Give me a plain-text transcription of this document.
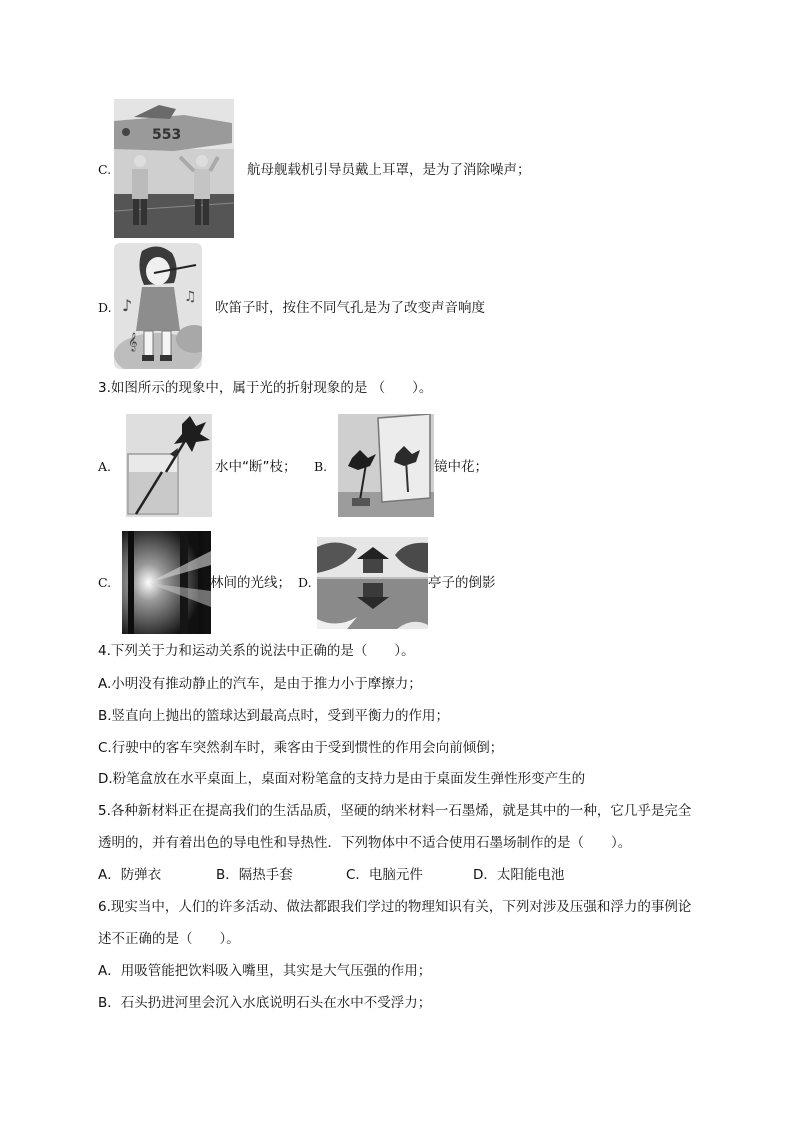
C.
553
航母舰载机引导员戴上耳罩，是为了消除噪声；
D. ♪
𝄞
♫
吹笛子时，按住不同气孔是为了改变声音响度
3.如图所示的现象中，属于光的折射现象的是 （　　）。
A.	水中“断”枝； B.	镜中花；
C.	林间的光线； D.	亭子的倒影
4.下列关于力和运动关系的说法中正确的是（　　）。
A.小明没有推动静止的汽车，是由于推力小于摩擦力；
B.竖直向上抛出的篮球达到最高点时，受到平衡力的作用；
C.行驶中的客车突然刹车时，乘客由于受到惯性的作用会向前倾倒；
D.粉笔盒放在水平桌面上，桌面对粉笔盒的支持力是由于桌面发生弹性形变产生的
5.各种新材料正在提高我们的生活品质，坚硬的纳米材料一石墨烯，就是其中的一种，它几乎是完全
透明的，并有着出色的导电性和导热性．下列物体中不适合使用石墨场制作的是（　　）。
A．防弹衣	B．隔热手套	C．电脑元件	D．太阳能电池
6.现实当中，人们的许多活动、做法都跟我们学过的物理知识有关，下列对涉及压强和浮力的事例论
述不正确的是（　　）。
A．用吸管能把饮料吸入嘴里，其实是大气压强的作用；
B．石头扔进河里会沉入水底说明石头在水中不受浮力；
